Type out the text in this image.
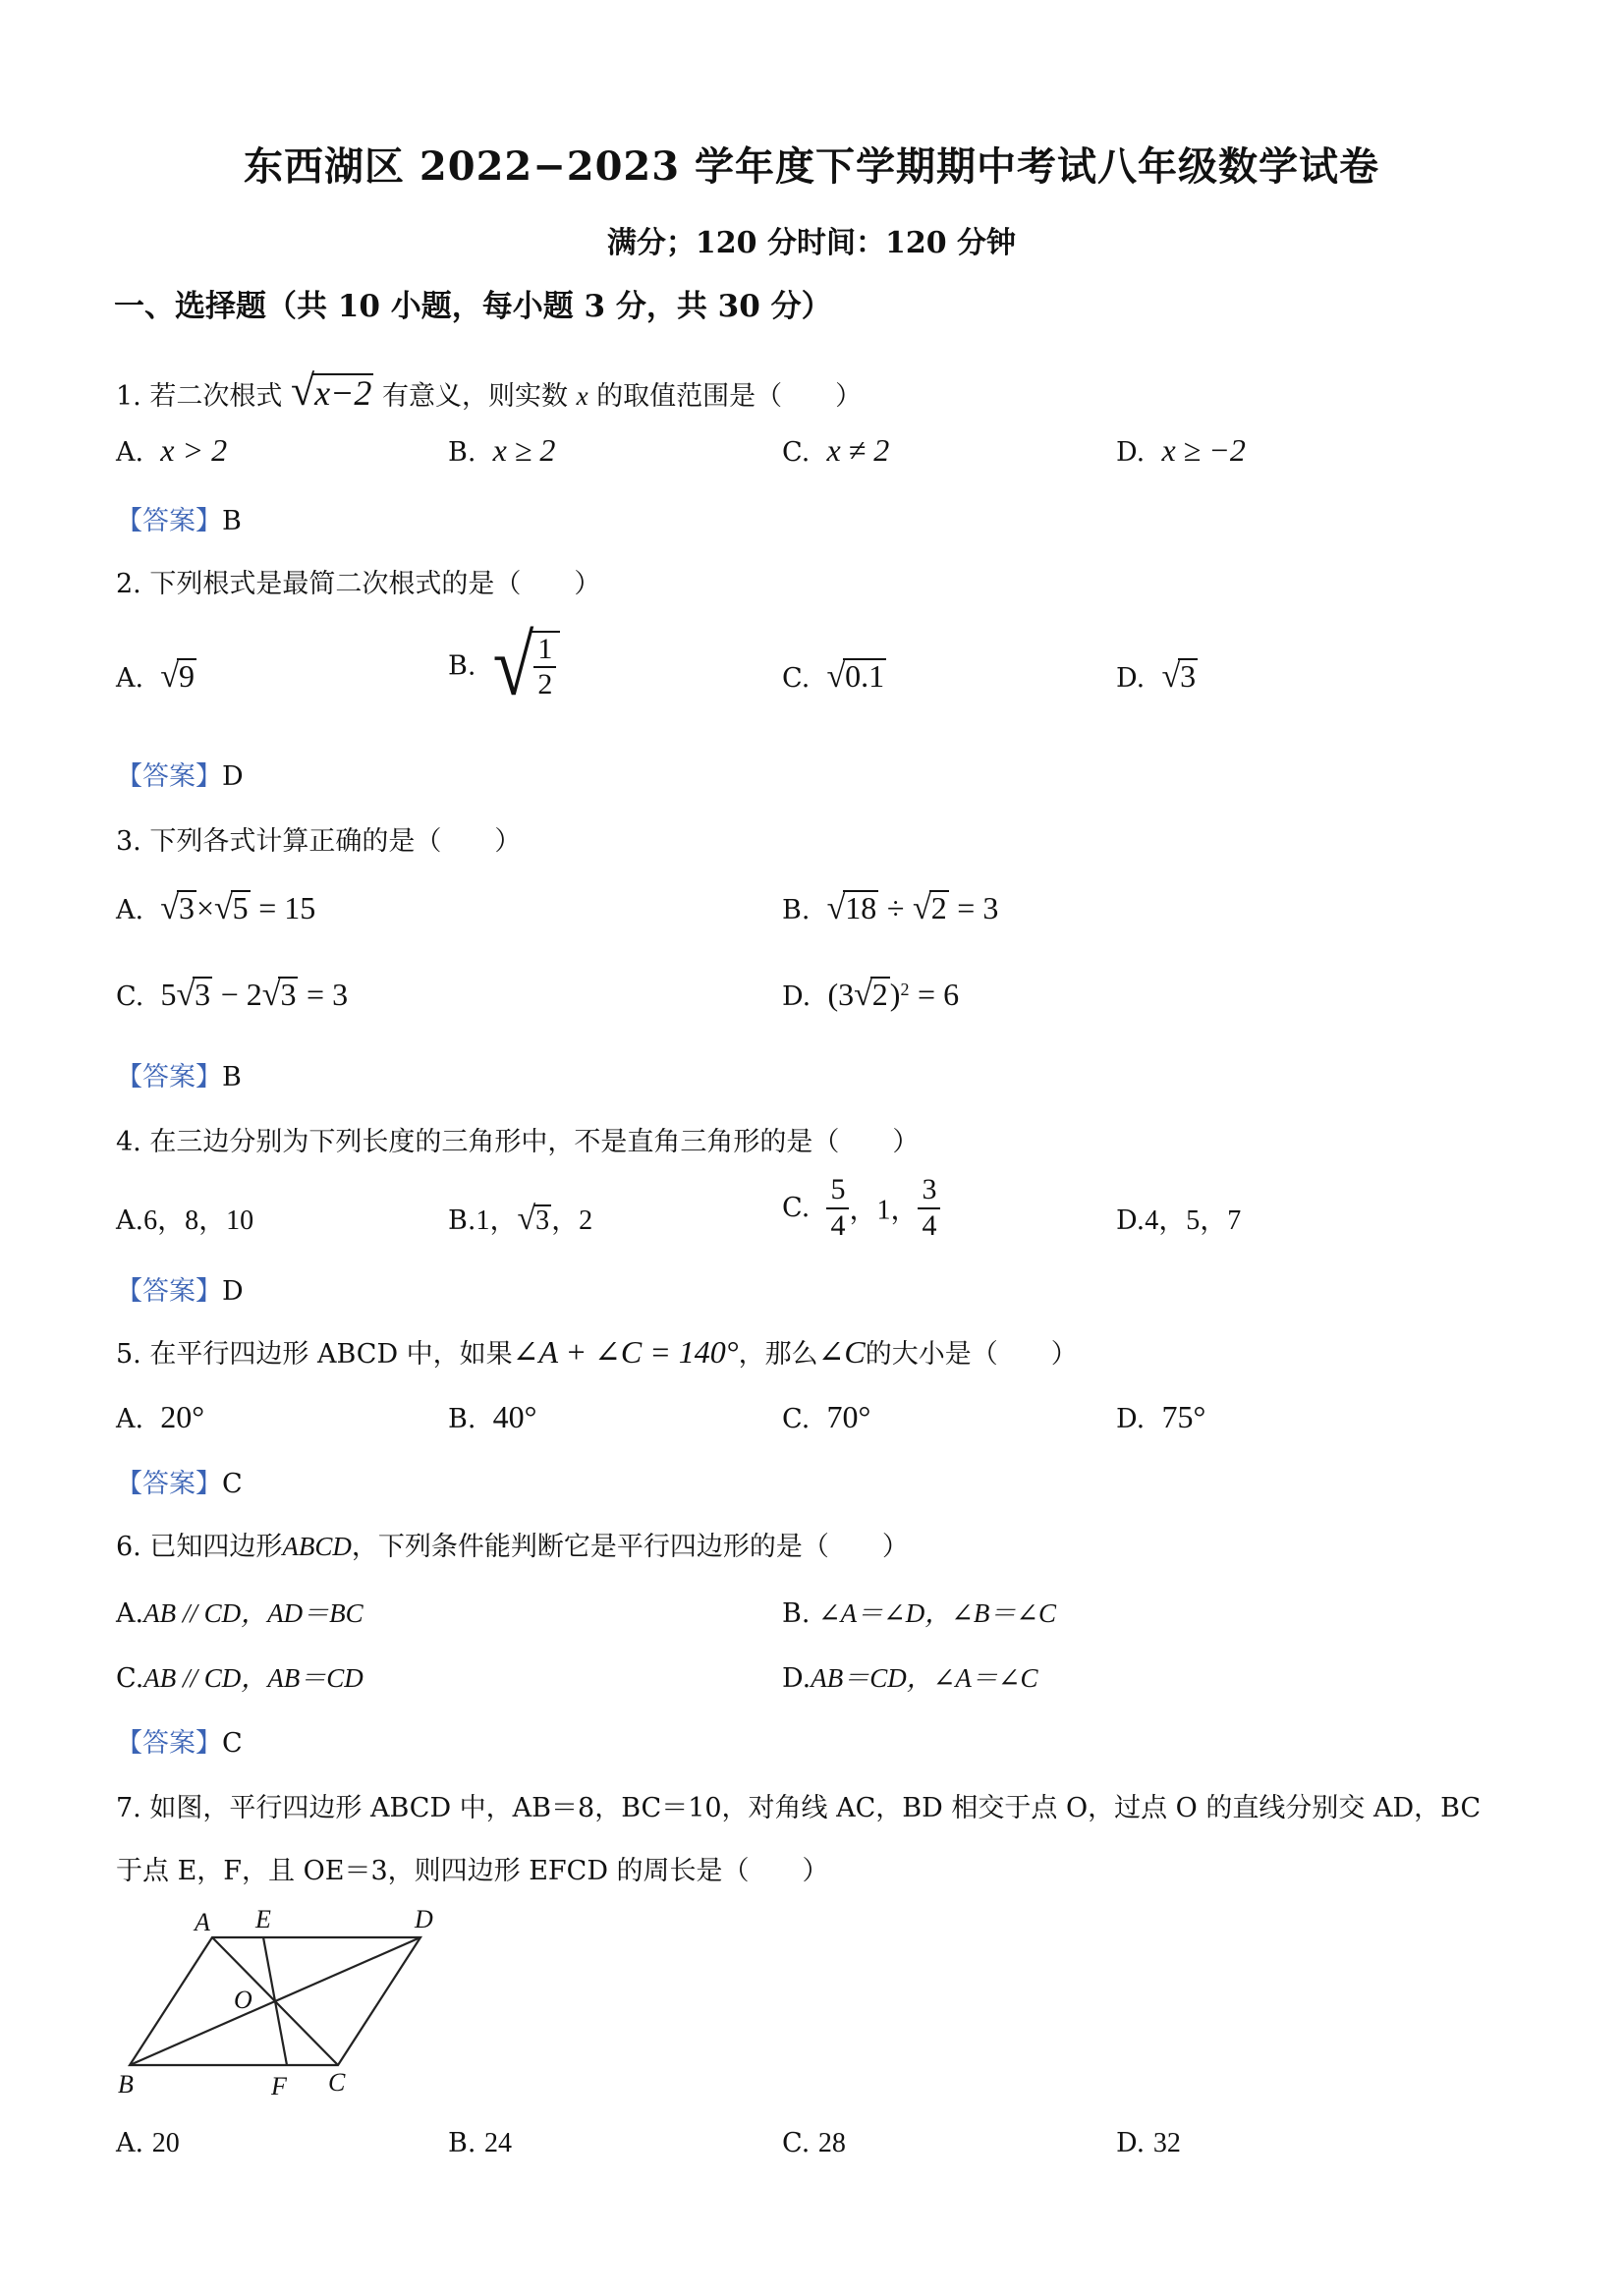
东西湖区 2022−2023 学年度下学期期中考试八年级数学试卷
满分；120 分时间：120 分钟
一、选择题（共 10 小题，每小题 3 分，共 30 分）
1. 若二次根式 √x−2 有意义，则实数 x 的取值范围是（　　）
A. x > 2	B. x ≥ 2	C. x ≠ 2	D. x ≥ −2
【答案】B
2. 下列根式是最简二次根式的是（　　）
A. √9	B. √ $\frac{1}{2}$	C. √0.1	D. √3
【答案】D
3. 下列各式计算正确的是（　　）
A. √3×√5 = 15	B. √18 ÷ √2 = 3
C. 5√3 − 2√3 = 3	D. $(3√2)^2 = 6$
【答案】B
4. 在三边分别为下列长度的三角形中，不是直角三角形的是（　　）
A.6，8，10	B.1，√3，2	C. $\frac{5}{4}$ ，1， $\frac{3}{4}$	D.4，5，7
【答案】D
5. 在平行四边形 ABCD 中，如果∠A + ∠C = 140°，那么∠C的大小是（　　）
A. 20°	B. 40°	C. 70°	D. 75°
【答案】C
6. 已知四边形ABCD，下列条件能判断它是平行四边形的是（　　）
A.AB // CD，AD＝BC	B. ∠A＝∠D，∠B＝∠C
C.AB // CD，AB＝CD	D.AB＝CD，∠A＝∠C
【答案】C
7. 如图，平行四边形 ABCD 中，AB＝8，BC＝10，对角线 AC，BD 相交于点 O，过点 O 的直线分别交 AD，BC
于点 E，F，且 OE＝3，则四边形 EFCD 的周长是（　　）
A E	D
O
B	F C
A. 20	B. 24	C. 28	D. 32
